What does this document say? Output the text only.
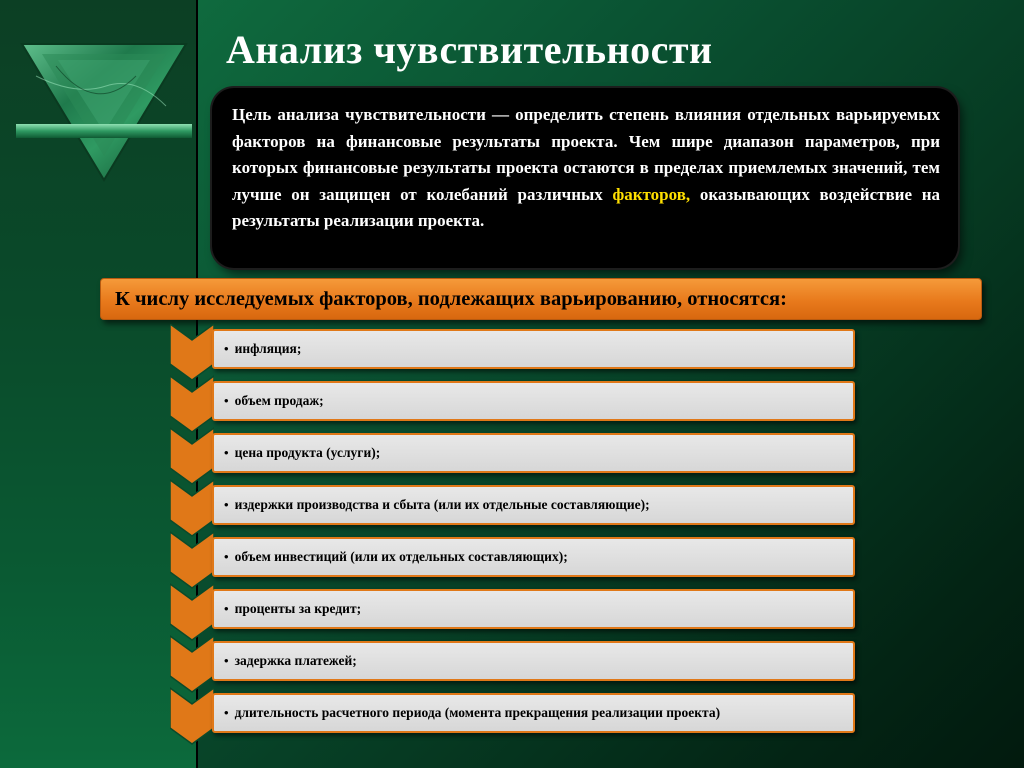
Анализ чувствительности
Цель анализа чувствительности — определить степень влияния отдельных варьируемых факторов на финансовые результаты проекта. Чем шире диапазон параметров, при которых финансовые результаты проекта остаются в пределах приемлемых значений, тем лучше он защищен от колебаний различных факторов, оказывающих воздействие на результаты реализации проекта.
К числу исследуемых факторов, подлежащих варьированию, относятся:
• инфляция;
• объем продаж;
• цена продукта (услуги);
• издержки производства и сбыта (или их отдельные составляющие);
• объем инвестиций (или их отдельных составляющих);
• проценты за кредит;
• задержка платежей;
• длительность расчетного периода (момента прекращения реализации проекта)
